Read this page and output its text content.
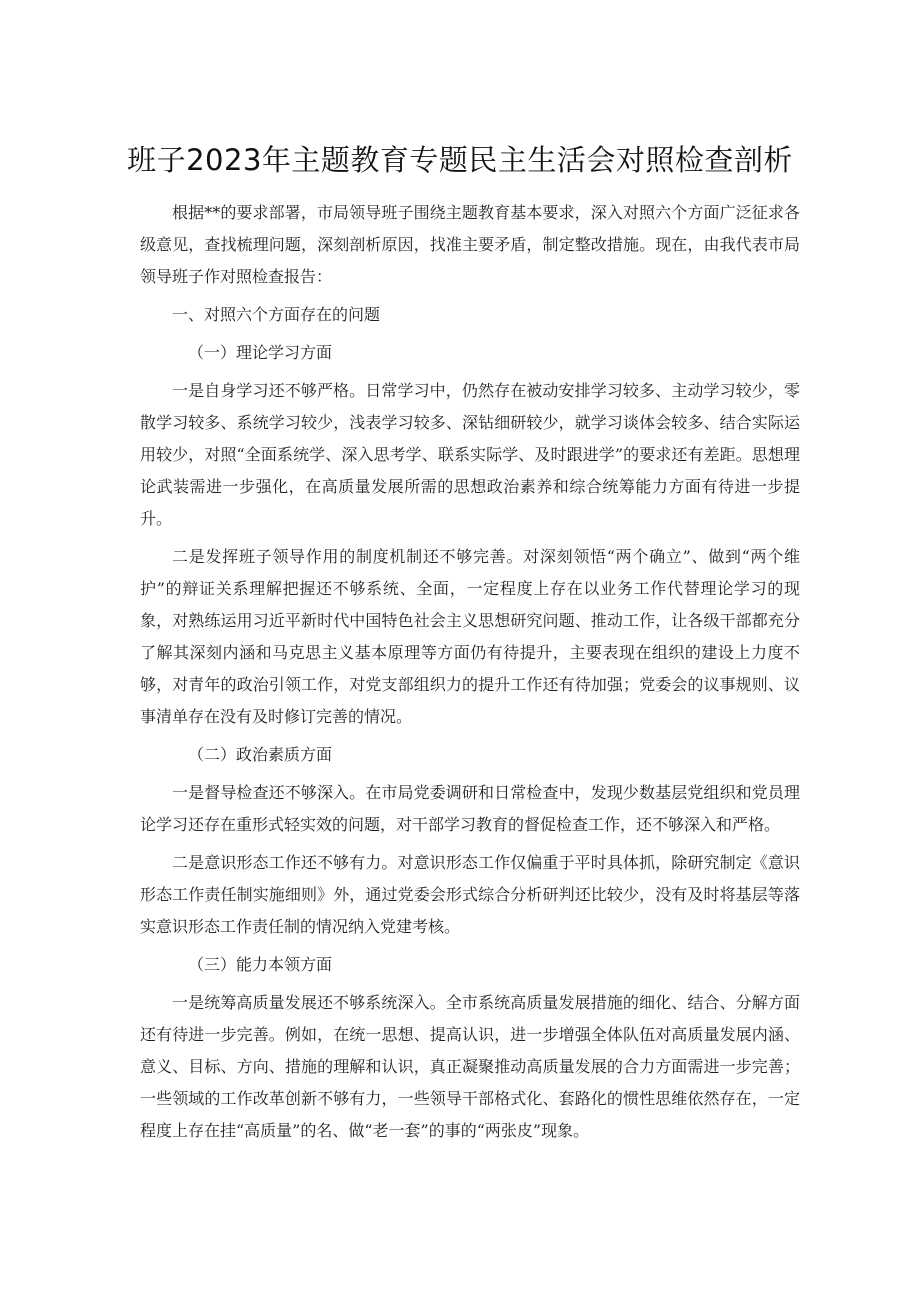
班子2023年主题教育专题民主生活会对照检查剖析

根据**的要求部署，市局领导班子围绕主题教育基本要求，深入对照六个方面广泛征求各级意见，查找梳理问题，深刻剖析原因，找准主要矛盾，制定整改措施。现在，由我代表市局领导班子作对照检查报告：

一、对照六个方面存在的问题

（一）理论学习方面

一是自身学习还不够严格。日常学习中，仍然存在被动安排学习较多、主动学习较少，零散学习较多、系统学习较少，浅表学习较多、深钻细研较少，就学习谈体会较多、结合实际运用较少，对照“全面系统学、深入思考学、联系实际学、及时跟进学”的要求还有差距。思想理论武装需进一步强化，在高质量发展所需的思想政治素养和综合统筹能力方面有待进一步提升。

二是发挥班子领导作用的制度机制还不够完善。对深刻领悟“两个确立”、做到“两个维护”的辩证关系理解把握还不够系统、全面，一定程度上存在以业务工作代替理论学习的现象，对熟练运用习近平新时代中国特色社会主义思想研究问题、推动工作，让各级干部都充分了解其深刻内涵和马克思主义基本原理等方面仍有待提升，主要表现在组织的建设上力度不够，对青年的政治引领工作，对党支部组织力的提升工作还有待加强；党委会的议事规则、议事清单存在没有及时修订完善的情况。

（二）政治素质方面

一是督导检查还不够深入。在市局党委调研和日常检查中，发现少数基层党组织和党员理论学习还存在重形式轻实效的问题，对干部学习教育的督促检查工作，还不够深入和严格。

二是意识形态工作还不够有力。对意识形态工作仅偏重于平时具体抓，除研究制定《意识形态工作责任制实施细则》外，通过党委会形式综合分析研判还比较少，没有及时将基层等落实意识形态工作责任制的情况纳入党建考核。

（三）能力本领方面

一是统筹高质量发展还不够系统深入。全市系统高质量发展措施的细化、结合、分解方面还有待进一步完善。例如，在统一思想、提高认识，进一步增强全体队伍对高质量发展内涵、意义、目标、方向、措施的理解和认识，真正凝聚推动高质量发展的合力方面需进一步完善；一些领域的工作改革创新不够有力，一些领导干部格式化、套路化的惯性思维依然存在，一定程度上存在挂“高质量”的名、做“老一套”的事的“两张皮”现象。
